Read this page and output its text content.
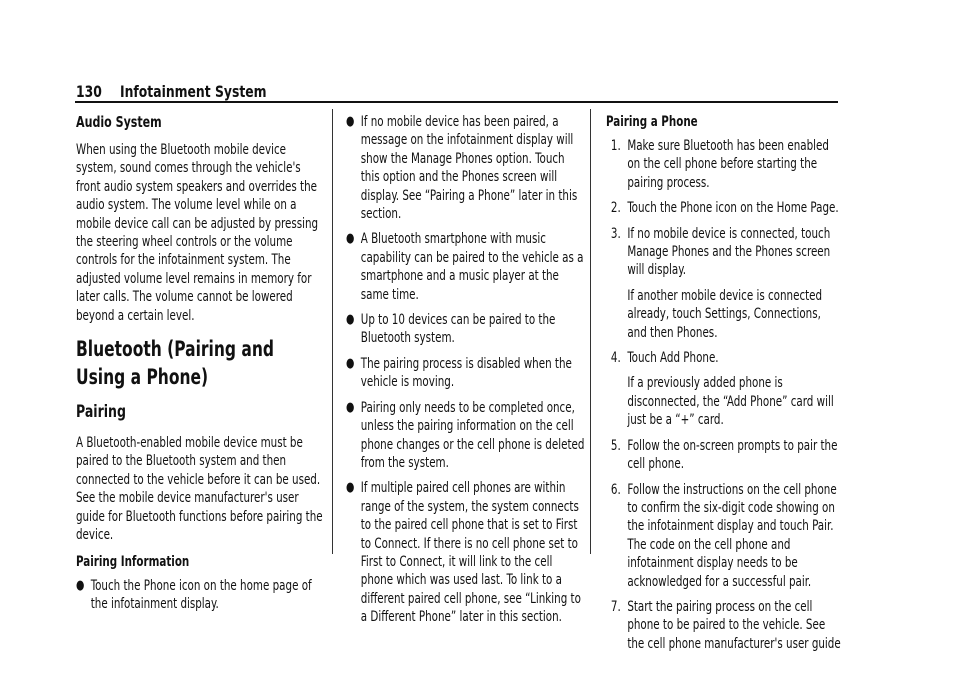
130 Infotainment System
Audio System

When using the Bluetooth mobile device system, sound comes through the vehicle's front audio system speakers and overrides the audio system. The volume level while on a mobile device call can be adjusted by pressing the steering wheel controls or the volume controls for the infotainment system. The adjusted volume level remains in memory for later calls. The volume cannot be lowered beyond a certain level.

Bluetooth (Pairing and Using a Phone)
Pairing

A Bluetooth-enabled mobile device must be paired to the Bluetooth system and then connected to the vehicle before it can be used. See the mobile device manufacturer's user guide for Bluetooth functions before pairing the device.

Pairing Information
● Touch the Phone icon on the home page of the infotainment display.
● If no mobile device has been paired, a message on the infotainment display will show the Manage Phones option. Touch this option and the Phones screen will display. See “Pairing a Phone” later in this section.
● A Bluetooth smartphone with music capability can be paired to the vehicle as a smartphone and a music player at the same time.
● Up to 10 devices can be paired to the Bluetooth system.
● The pairing process is disabled when the vehicle is moving.
● Pairing only needs to be completed once, unless the pairing information on the cell phone changes or the cell phone is deleted from the system.
● If multiple paired cell phones are within range of the system, the system connects to the paired cell phone that is set to First to Connect. If there is no cell phone set to First to Connect, it will link to the cell phone which was used last. To link to a different paired cell phone, see “Linking to a Different Phone” later in this section.
Pairing a Phone
1. Make sure Bluetooth has been enabled on the cell phone before starting the pairing process.
2. Touch the Phone icon on the Home Page.
3. If no mobile device is connected, touch Manage Phones and the Phones screen will display.
If another mobile device is connected already, touch Settings, Connections, and then Phones.
4. Touch Add Phone.
If a previously added phone is disconnected, the “Add Phone” card will just be a “+” card.
5. Follow the on-screen prompts to pair the cell phone.
6. Follow the instructions on the cell phone to confirm the six-digit code showing on the infotainment display and touch Pair. The code on the cell phone and infotainment display needs to be acknowledged for a successful pair.
7. Start the pairing process on the cell phone to be paired to the vehicle. See the cell phone manufacturer's user guide
